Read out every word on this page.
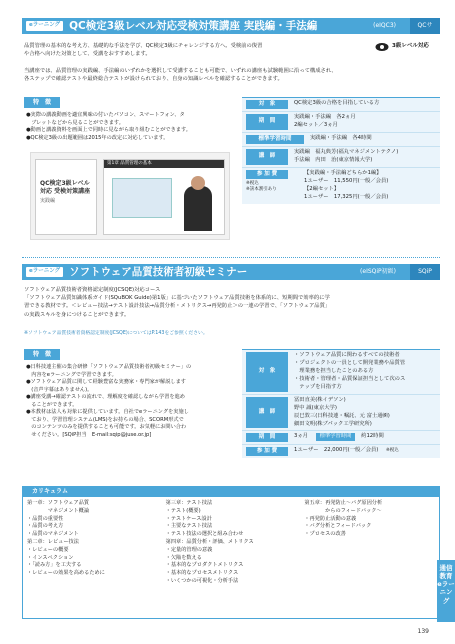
eラーニング QC検定3級レベル対応受検対策講座 実践編・手法編	(eIQC3)	QCサ
品質管理の基本的な考え方、基礎的な手法を学び、QC検定3級にチャレンジする方へ。受検前の復習
や合格へ向けた対策として、受講をおすすめします。
当講座では、品質管理の実践編、手法編のいずれかを選択して受講することも可能で、いずれの講座も試験範囲に沿って構成され、
各ステップで確認テストや最終総合テストが設けられており、自身の知識レベルを確認することができます。
3級レベル対応
特　徴
●実際の講義動画を適宜興味の付いたパソコン、スマートフォン、タ
　ブレットなどから見ることができます。
●動画と講義資料を画面上で同時に見ながら取り組むことができます。
●QC検定3級の出題範囲は2015年の改定に対応しています。
QC検定3級レベル対応 受検対策講座
実践編
第1章 品質管理の基本
対　象	QC検定3級の合格を目指している方
期　間
実践編・手法編　各2ヵ月
2編セット／3ヵ月
標準学習時間	実践編・手法編　各4時間
講　師
実践編　福丸典芳(福丸マネジメントテクノ)
手法編　内田　治(東京情報大学)
参 加 費
※税込
※該本割引あり
【実践編・手法編どちらか1編】
1ユーザー　11,550円(一般／会員)
【2編セット】
1ユーザー　17,325円(一般／会員)
eラーニング ソフトウェア品質技術者初級セミナー	(eISQiP初級)	SQiP
ソフトウェア品質技術者資格認定制度(JCSQE)対応コース
「ソフトウェア品質知識体系ガイド(SQuBOK Guide)第1版」に基づいたソフトウェア品質技術を体系的に、短期間で効率的に学
習できる教材です。＜レビュー技法→テスト設計技法→品質分析・メトリクス→再発防止＞の一連の学習で、「ソフトウェア品質」
の実践スキルを身につけることができます。
※ソフトウェア品質技術者資格認定制度(JCSQE)についてはP.143をご参照ください。
特　徴
●日科技連主催の集合研修「ソフトウェア品質技術者初級セミナー」の
　内容をeラーニングで学習できます。
●ソフトウェア品質に関して経験豊富な実務家・専門家が解説します
　(音声字幕はありません)。
●講座受講→確認テストの流れで、理解度を確認しながら学習を進め
　ることができます。
●本教材は法人も対象に提供しています。自社でeラーニングを実施し
　ており、学習管理システム(LMS)をお持ちの場合、SCORM形式で
　のコンテンツのみを提供することも可能です。お気軽にお問い合わ
　せください。[SQiP担当　E-mail:sqip@juse.or.jp]
対　象
・ソフトウェア品質に関わるすべての技術者
・プロジェクトの一員として開発業務や品質管
　理業務を担当したことのある方
・技術者・管理者・品質保証担当として次のス
　テップを目指す方
講　師
冨田直美(株イデソン)
野中 誠(東京大学)
辰巳敦三(日科技連・嘱託、元 富士通㈱)
細田文明(株ブパック工学研究所)
期　間	3ヵ月 標準学習時間 約12時間
参 加 費	1ユーザー　22,000円(一般／会員) ※税込
カリキュラム
第一章：ソフトウェア品質
　　　　マネジメント概論
・品質の重要性
・品質の考え方
・品質のマネジメント
第二章：レビュー技法
・レビューの概要
・インスペクション
・「読み方」を工夫する
・レビューの効果を高めるために
第三章：テスト技法
・テスト(概要)
・テストケース設計
・主要なテスト技法
・テスト技法の選択と組み合わせ
第四章：品質分析・評価、メトリクス
・定量的管理の意義
・欠陥を数える
・基本的なプロダクトメトリクス
・基本的なプロセスメトリクス
・いくつかの可視化・分析手法
第五章：再発防止～バグ原因分析
　　　　からのフィードバック～
・再発防止活動の意義
・バグ分析とフィードバック
・プロセスの改善
通信教育
eラーニング
139
